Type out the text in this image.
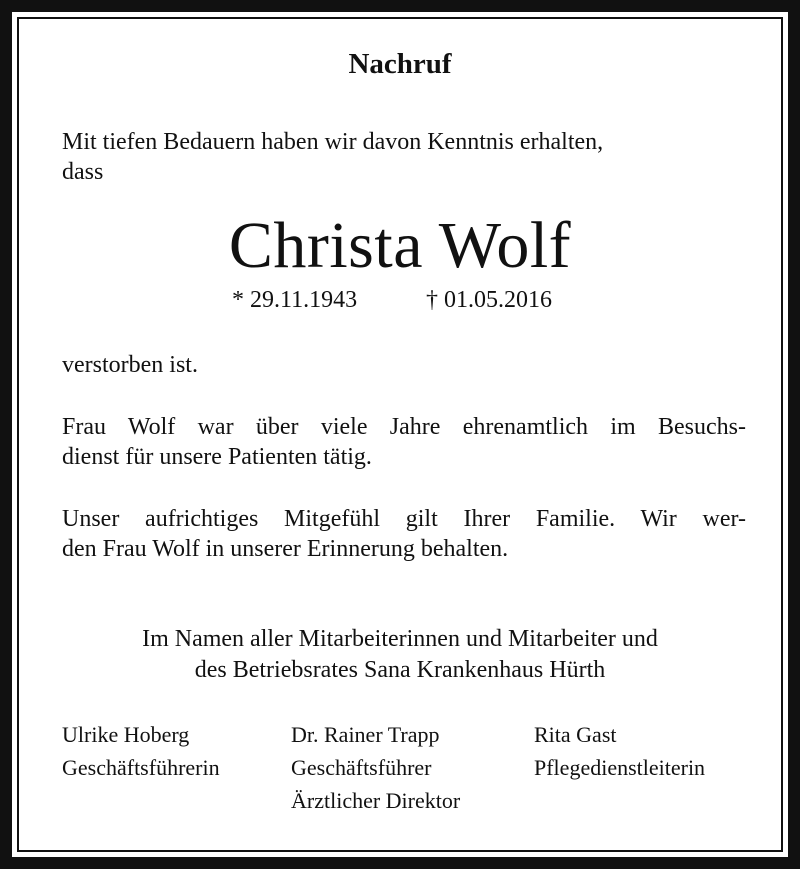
Nachruf
Mit tiefen Bedauern haben wir davon Kenntnis erhalten,
dass
Christa Wolf
* 29.11.1943	† 01.05.2016
verstorben ist.
Frau Wolf war über viele Jahre ehrenamtlich im Besuchs-
dienst für unsere Patienten tätig.
Unser aufrichtiges Mitgefühl gilt Ihrer Familie. Wir wer-
den Frau Wolf in unserer Erinnerung behalten.
Im Namen aller Mitarbeiterinnen und Mitarbeiter und
des Betriebsrates Sana Krankenhaus Hürth
Ulrike Hoberg
Geschäftsführerin
Dr. Rainer Trapp
Geschäftsführer
Ärztlicher Direktor
Rita Gast
Pflegedienstleiterin
